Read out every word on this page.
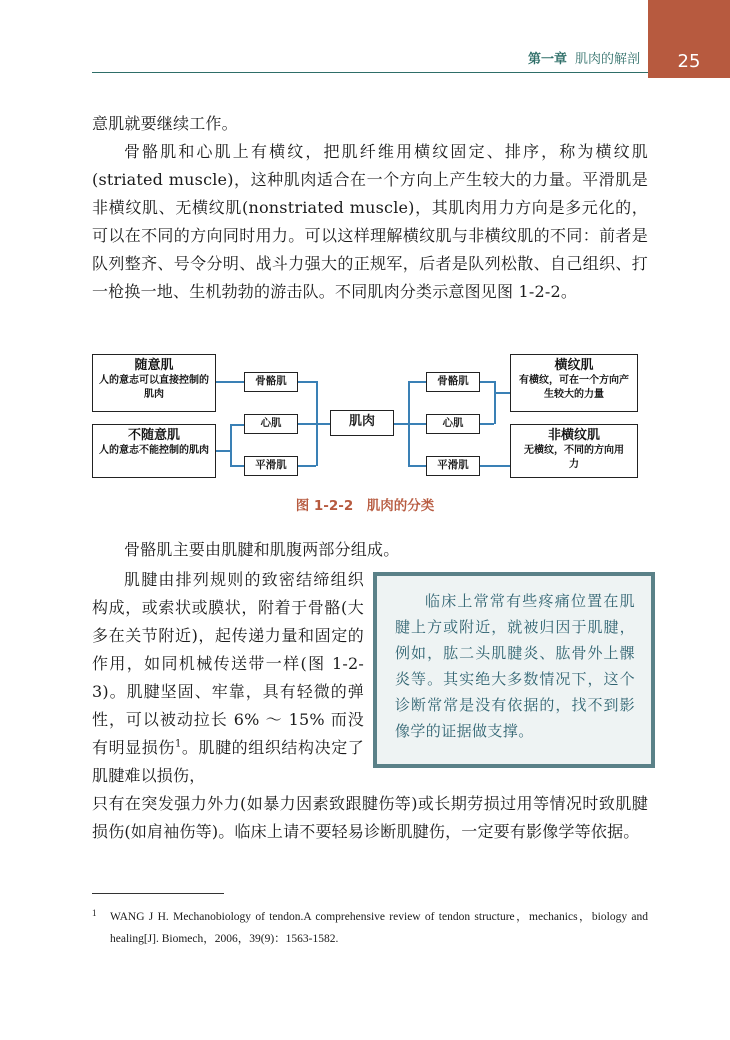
25
第一章 肌肉的解剖

意肌就要继续工作。

骨骼肌和心肌上有横纹，把肌纤维用横纹固定、排序，称为横纹肌(striated muscle)，这种肌肉适合在一个方向上产生较大的力量。平滑肌是非横纹肌、无横纹肌(nonstriated muscle)，其肌肉用力方向是多元化的，可以在不同的方向同时用力。可以这样理解横纹肌与非横纹肌的不同：前者是队列整齐、号令分明、战斗力强大的正规军，后者是队列松散、自己组织、打一枪换一地、生机勃勃的游击队。不同肌肉分类示意图见图 1-2-2。

随意肌
人的意志可以直接控制的肌肉
不随意肌
人的意志不能控制的肌肉
骨骼肌
心肌
平滑肌
肌肉
骨骼肌
心肌
平滑肌
横纹肌
有横纹，可在一个方向产生较大的力量
非横纹肌
无横纹，不同的方向用力
图 1-2-2　肌肉的分类
骨骼肌主要由肌腱和肌腹两部分组成。
肌腱由排列规则的致密结缔组织构成，或索状或膜状，附着于骨骼(大多在关节附近)，起传递力量和固定的作用，如同机械传送带一样(图 1-2-3)。肌腱坚固、牢靠，具有轻微的弹性，可以被动拉长 6% ～ 15% 而没有明显损伤$^1$。肌腱的组织结构决定了肌腱难以损伤，
只有在突发强力外力(如暴力因素致跟腱伤等)或长期劳损过用等情况时致肌腱损伤(如肩袖伤等)。临床上请不要轻易诊断肌腱伤，一定要有影像学等依据。
临床上常常有些疼痛位置在肌腱上方或附近，就被归因于肌腱，例如，肱二头肌腱炎、肱骨外上髁炎等。其实绝大多数情况下，这个诊断常常是没有依据的，找不到影像学的证据做支撑。
1 WANG J H. Mechanobiology of tendon.A comprehensive review of tendon structure，mechanics，biology and healing[J]. Biomech，2006，39(9)：1563-1582.
